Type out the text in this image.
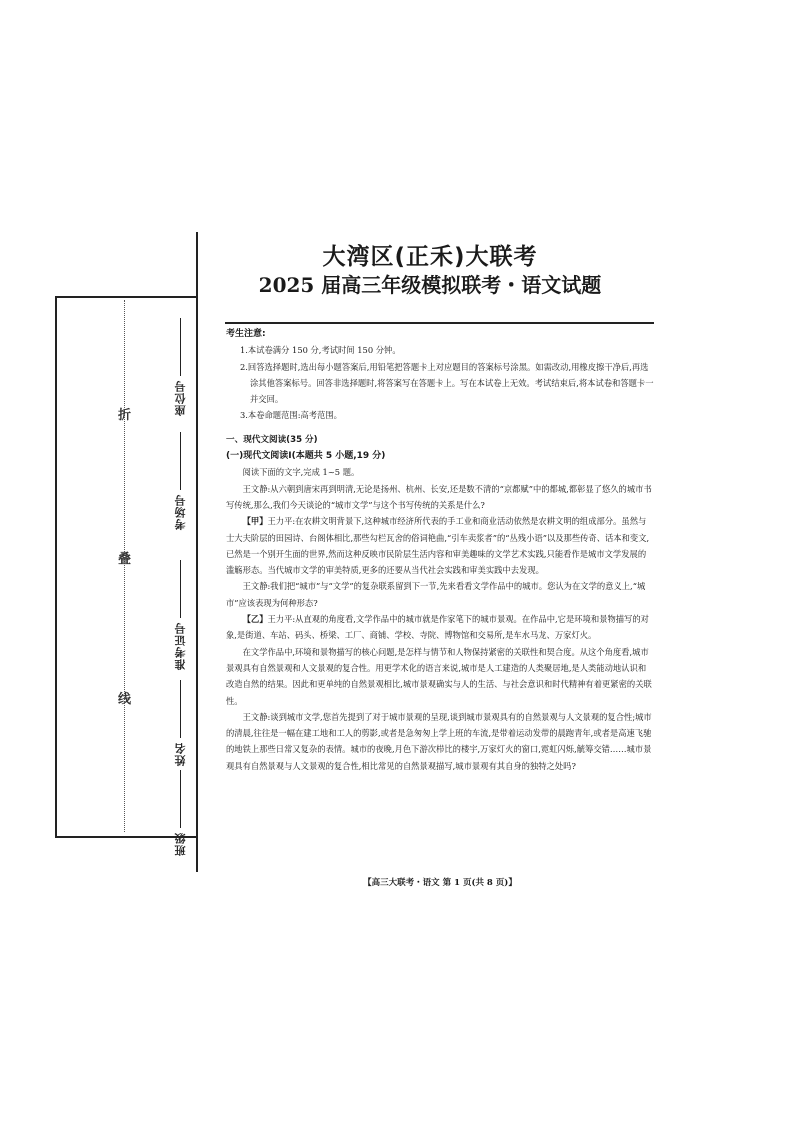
折
叠
线
座位号
考场号
准考证号
姓名
班级
大湾区(正禾)大联考
2025 届高三年级模拟联考・语文试题

考生注意:

1.本试卷满分 150 分,考试时间 150 分钟。

2.回答选择题时,选出每小题答案后,用铅笔把答题卡上对应题目的答案标号涂黑。如需改动,用橡皮擦干净后,再选涂其他答案标号。回答非选择题时,将答案写在答题卡上。写在本试卷上无效。考试结束后,将本试卷和答题卡一并交回。

3.本卷命题范围:高考范围。

一、现代文阅读(35 分)

(一)现代文阅读Ⅰ(本题共 5 小题,19 分)

阅读下面的文字,完成 1~5 题。

王文静:从六朝到唐宋再到明清,无论是扬州、杭州、长安,还是数不清的“京都赋”中的都城,都彰显了悠久的城市书写传统,那么,我们今天谈论的“城市文学”与这个书写传统的关系是什么?

【甲】王力平:在农耕文明背景下,这种城市经济所代表的手工业和商业活动依然是农耕文明的组成部分。虽然与士大夫阶层的田园诗、台阁体相比,那些勾栏瓦舍的俗词艳曲,“引车卖浆者”的“丛残小语”以及那些传奇、话本和变文,已然是一个别开生面的世界,然而这种反映市民阶层生活内容和审美趣味的文学艺术实践,只能看作是城市文学发展的滥觞形态。当代城市文学的审美特质,更多的还要从当代社会实践和审美实践中去发现。

王文静:我们把“城市”与“文学”的复杂联系留到下一节,先来看看文学作品中的城市。您认为在文学的意义上,“城市”应该表现为何种形态?

【乙】王力平:从直观的角度看,文学作品中的城市就是作家笔下的城市景观。在作品中,它是环境和景物描写的对象,是街道、车站、码头、桥梁、工厂、商铺、学校、寺院、博物馆和交易所,是车水马龙、万家灯火。

在文学作品中,环境和景物描写的核心问题,是怎样与情节和人物保持紧密的关联性和契合度。从这个角度看,城市景观具有自然景观和人文景观的复合性。用更学术化的语言来说,城市是人工建造的人类聚居地,是人类能动地认识和改造自然的结果。因此和更单纯的自然景观相比,城市景观确实与人的生活、与社会意识和时代精神有着更紧密的关联性。

王文静:谈到城市文学,您首先提到了对于城市景观的呈现,谈到城市景观具有的自然景观与人文景观的复合性;城市的清晨,往往是一幅在建工地和工人的剪影,或者是急匆匆上学上班的车流,是带着运动发带的晨跑青年,或者是高速飞驰的地铁上那些日常又复杂的表情。城市的夜晚,月色下游次栉比的楼宇,万家灯火的窗口,霓虹闪烁,觥筹交错……城市景观具有自然景观与人文景观的复合性,相比常见的自然景观描写,城市景观有其自身的独特之处吗?

【高三大联考・语文 第 1 页(共 8 页)】
